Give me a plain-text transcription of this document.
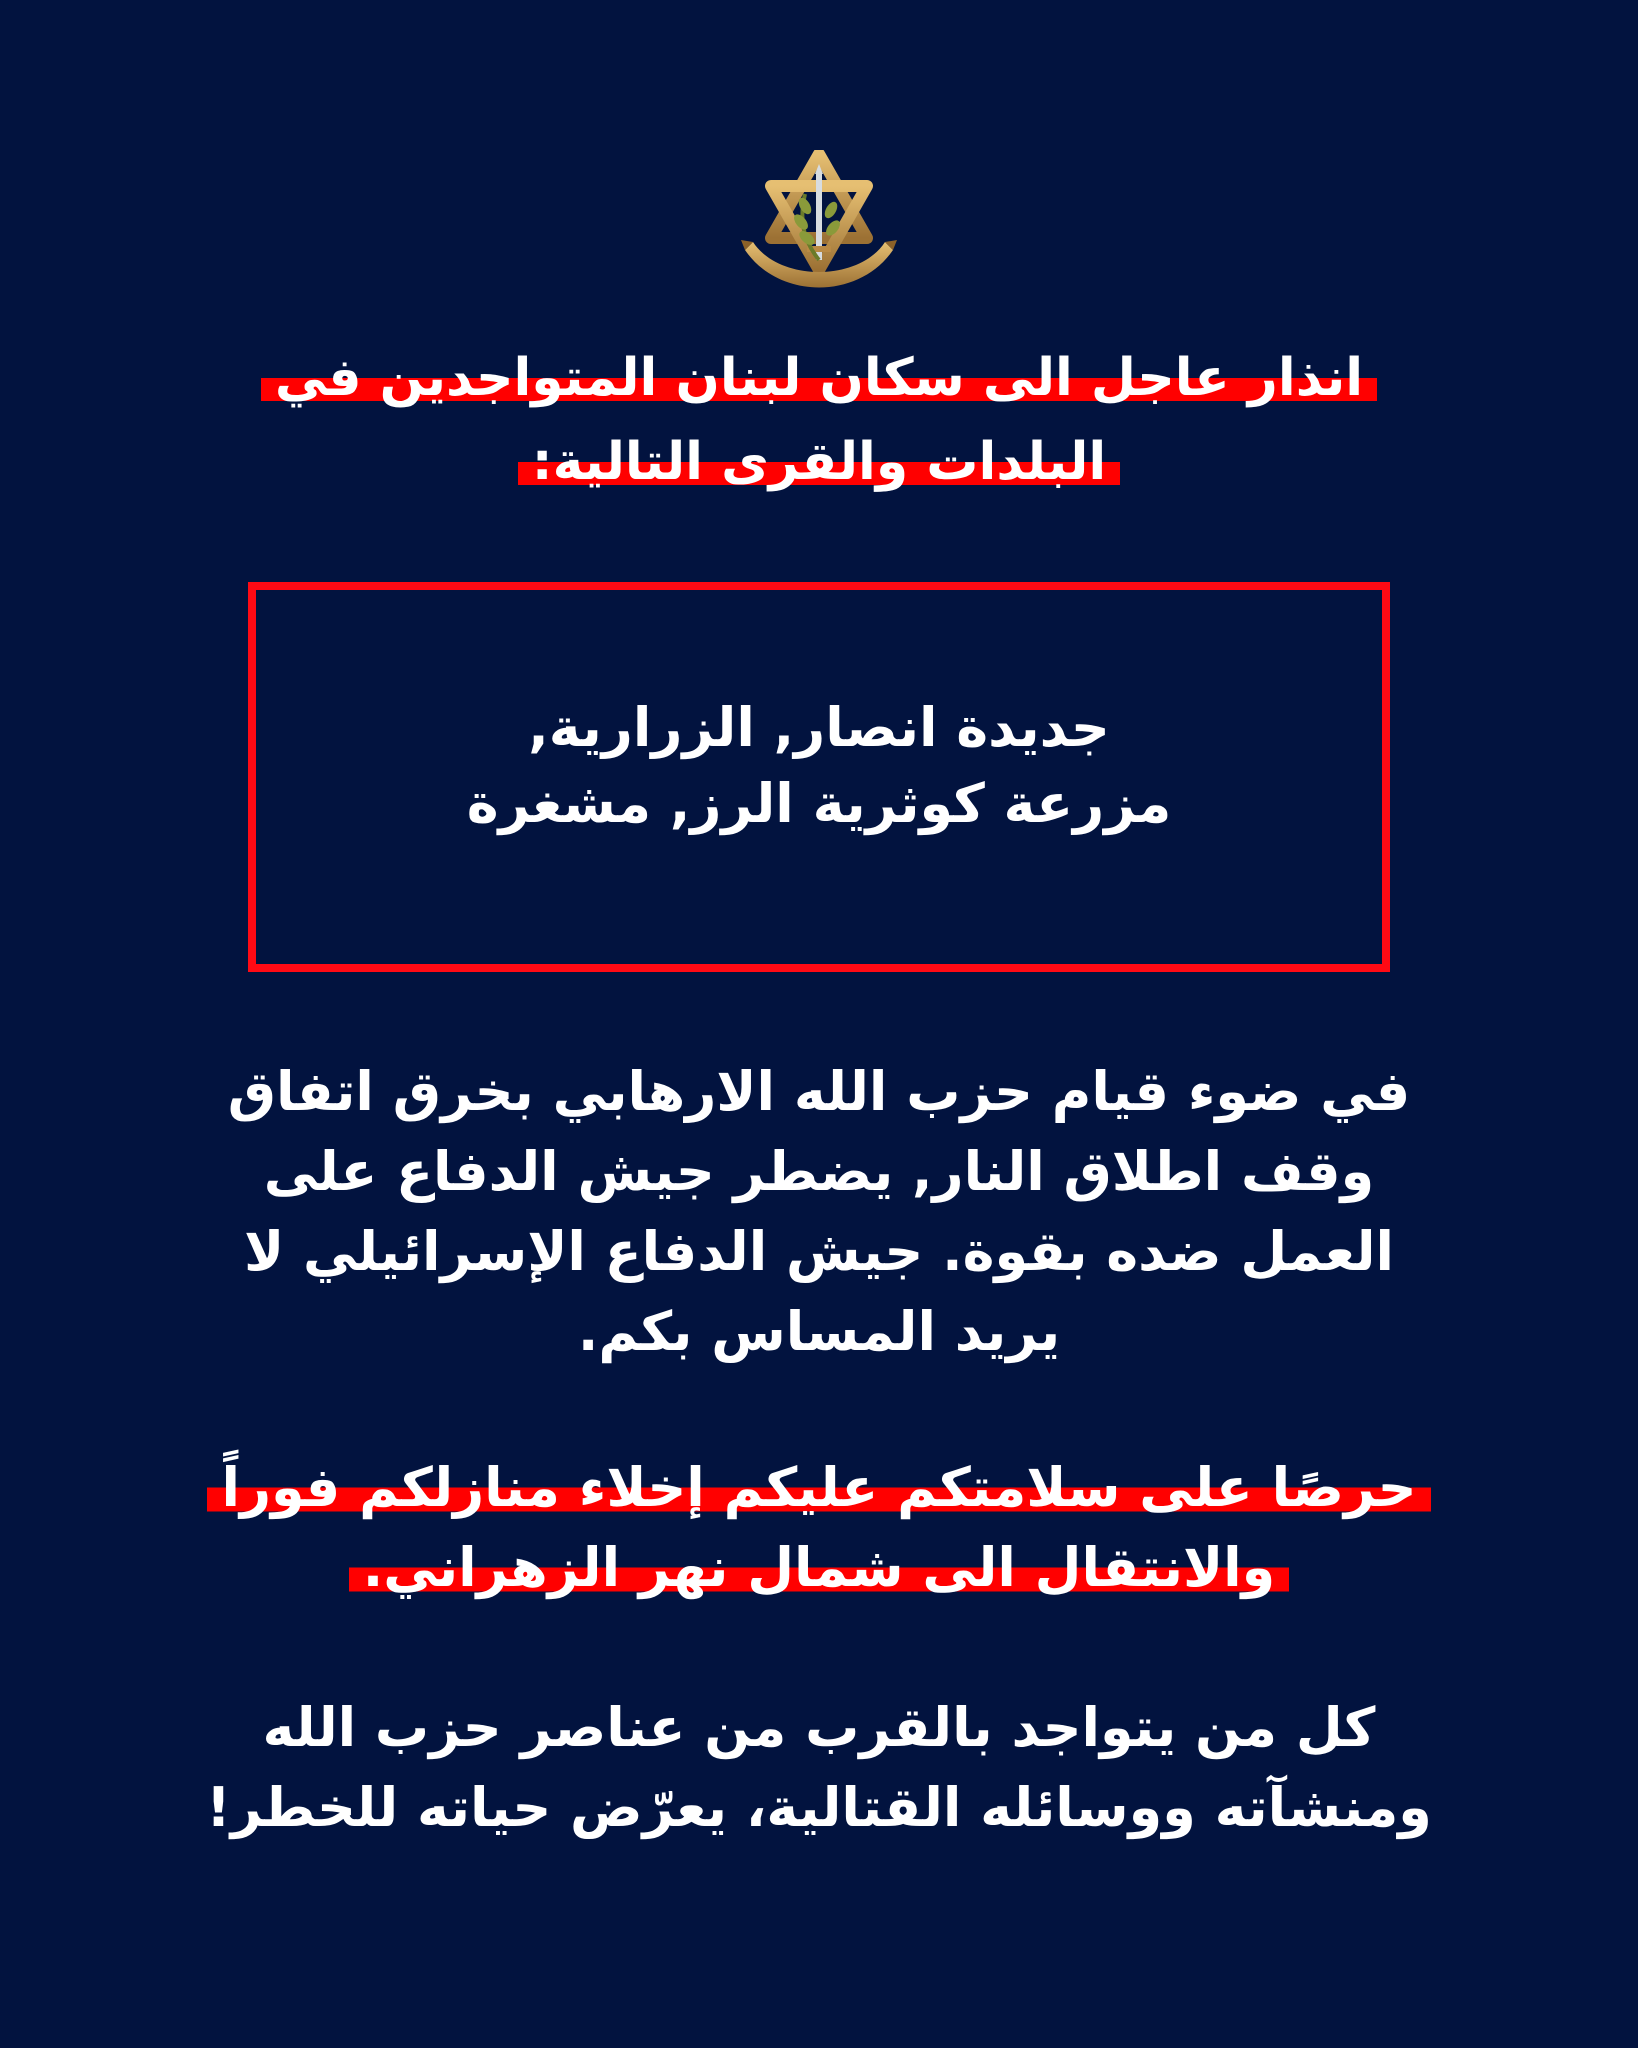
انذار عاجل الى سكان لبنان المتواجدين في
البلدات والقرى التالية:
جديدة انصار, الزرارية,
مزرعة كوثرية الرز, مشغرة
في ضوء قيام حزب الله الارهابي بخرق اتفاق
وقف اطلاق النار, يضطر جيش الدفاع على
العمل ضده بقوة. جيش الدفاع الإسرائيلي لا
يريد المساس بكم.
حرصًا على سلامتكم عليكم إخلاء منازلكم فوراً
والانتقال الى شمال نهر الزهراني.
كل من يتواجد بالقرب من عناصر حزب الله
ومنشآته ووسائله القتالية، يعرّض حياته للخطر!
